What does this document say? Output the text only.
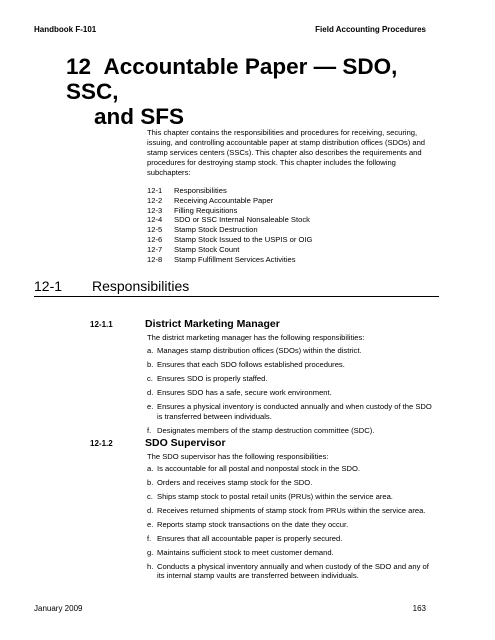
Handbook F-101	Field Accounting Procedures
12 Accountable Paper — SDO, SSC,
and SFS
This chapter contains the responsibilities and procedures for receiving, securing, issuing, and controlling accountable paper at stamp distribution offices (SDOs) and stamp services centers (SSCs). This chapter also describes the requirements and procedures for destroying stamp stock. This chapter includes the following subchapters:
12-1 Responsibilities
12-2 Receiving Accountable Paper
12-3 Filling Requisitions
12-4 SDO or SSC Internal Nonsaleable Stock
12-5 Stamp Stock Destruction
12-6 Stamp Stock Issued to the USPIS or OIG
12-7 Stamp Stock Count
12-8 Stamp Fulfillment Services Activities
12-1 Responsibilities
12-1.1	District Marketing Manager
The district marketing manager has the following responsibilities:
a. Manages stamp distribution offices (SDOs) within the district.
b. Ensures that each SDO follows established procedures.
c. Ensures SDO is properly staffed.
d. Ensures SDO has a safe, secure work environment.
e. Ensures a physical inventory is conducted annually and when custody of the SDO is transferred between individuals.
f. Designates members of the stamp destruction committee (SDC).
12-1.2	SDO Supervisor
The SDO supervisor has the following responsibilities:
a. Is accountable for all postal and nonpostal stock in the SDO.
b. Orders and receives stamp stock for the SDO.
c. Ships stamp stock to postal retail units (PRUs) within the service area.
d. Receives returned shipments of stamp stock from PRUs within the service area.
e. Reports stamp stock transactions on the date they occur.
f. Ensures that all accountable paper is properly secured.
g. Maintains sufficient stock to meet customer demand.
h. Conducts a physical inventory annually and when custody of the SDO and any of its internal stamp vaults are transferred between individuals.
January 2009	163
